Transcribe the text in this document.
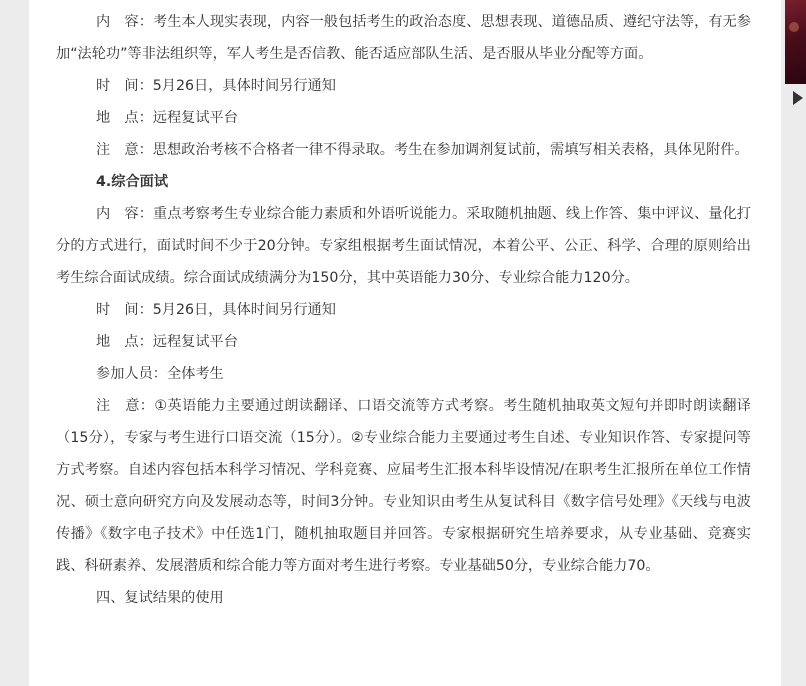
内　容：考生本人现实表现，内容一般包括考生的政治态度、思想表现、道德品质、遵纪守法等，有无参加“法轮功”等非法组织等，军人考生是否信教、能否适应部队生活、是否服从毕业分配等方面。

时　间：5月26日，具体时间另行通知

地　点：远程复试平台

注　意：思想政治考核不合格者一律不得录取。考生在参加调剂复试前，需填写相关表格，具体见附件。

4.综合面试

内　容：重点考察考生专业综合能力素质和外语听说能力。采取随机抽题、线上作答、集中评议、量化打分的方式进行，面试时间不少于20分钟。专家组根据考生面试情况，本着公平、公正、科学、合理的原则给出考生综合面试成绩。综合面试成绩满分为150分，其中英语能力30分、专业综合能力120分。

时　间：5月26日，具体时间另行通知

地　点：远程复试平台

参加人员：全体考生

注　意：①英语能力主要通过朗读翻译、口语交流等方式考察。考生随机抽取英文短句并即时朗读翻译（15分），专家与考生进行口语交流（15分）。②专业综合能力主要通过考生自述、专业知识作答、专家提问等方式考察。自述内容包括本科学习情况、学科竞赛、应届考生汇报本科毕设情况/在职考生汇报所在单位工作情况、硕士意向研究方向及发展动态等，时间3分钟。专业知识由考生从复试科目《数字信号处理》《天线与电波传播》《数字电子技术》中任选1门，随机抽取题目并回答。专家根据研究生培养要求，从专业基础、竞赛实践、科研素养、发展潜质和综合能力等方面对考生进行考察。专业基础50分，专业综合能力70。

四、复试结果的使用
